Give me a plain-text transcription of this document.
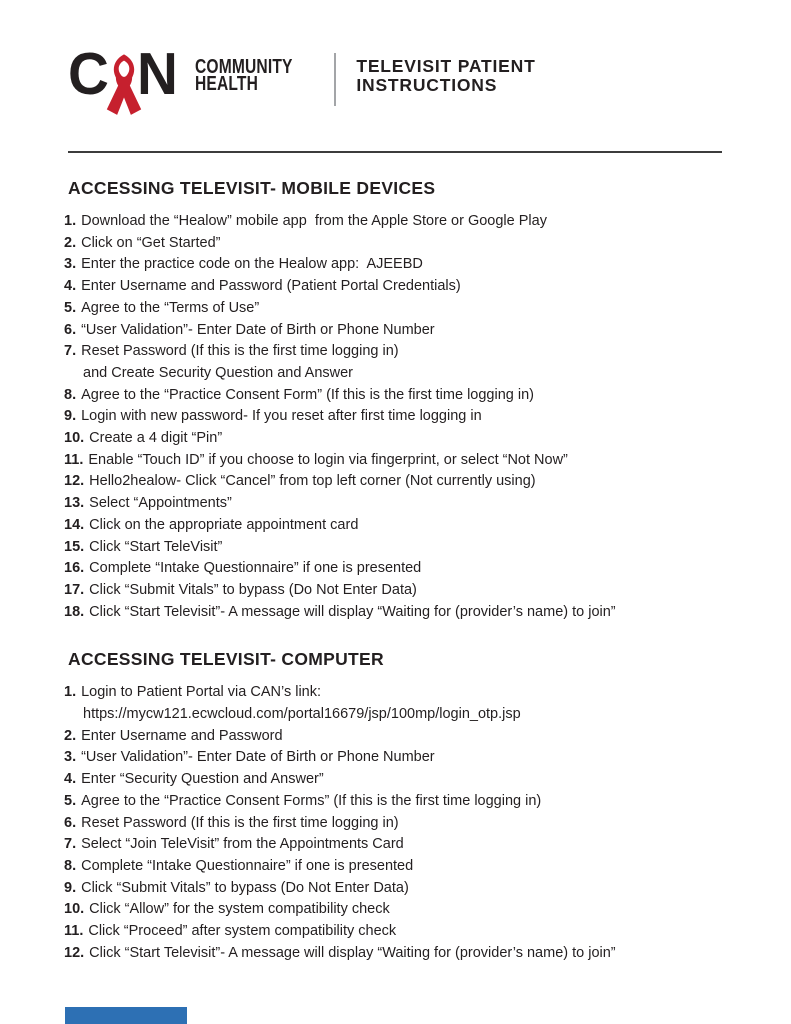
C N COMMUNITY
HEALTH
TELEVISIT PATIENT
INSTRUCTIONS
ACCESSING TELEVISIT- MOBILE DEVICES
1. Download the “Healow” mobile app  from the Apple Store or Google Play
2. Click on “Get Started”
3. Enter the practice code on the Healow app:  AJEEBD
4. Enter Username and Password (Patient Portal Credentials)
5. Agree to the “Terms of Use”
6. “User Validation”- Enter Date of Birth or Phone Number
7. Reset Password (If this is the first time logging in)
and Create Security Question and Answer
8. Agree to the “Practice Consent Form” (If this is the first time logging in)
9. Login with new password- If you reset after first time logging in
10. Create a 4 digit “Pin”
11. Enable “Touch ID” if you choose to login via fingerprint, or select “Not Now”
12. Hello2healow- Click “Cancel” from top left corner (Not currently using)
13. Select “Appointments”
14. Click on the appropriate appointment card
15. Click “Start TeleVisit”
16. Complete “Intake Questionnaire” if one is presented
17. Click “Submit Vitals” to bypass (Do Not Enter Data)
18. Click “Start Televisit”- A message will display “Waiting for (provider’s name) to join”
ACCESSING TELEVISIT- COMPUTER
1. Login to Patient Portal via CAN’s link:
https://mycw121.ecwcloud.com/portal16679/jsp/100mp/login_otp.jsp
2. Enter Username and Password
3. “User Validation”- Enter Date of Birth or Phone Number
4. Enter “Security Question and Answer”
5. Agree to the “Practice Consent Forms” (If this is the first time logging in)
6. Reset Password (If this is the first time logging in)
7. Select “Join TeleVisit” from the Appointments Card
8. Complete “Intake Questionnaire” if one is presented
9. Click “Submit Vitals” to bypass (Do Not Enter Data)
10. Click “Allow” for the system compatibility check
11. Click “Proceed” after system compatibility check
12. Click “Start Televisit”- A message will display “Waiting for (provider’s name) to join”
